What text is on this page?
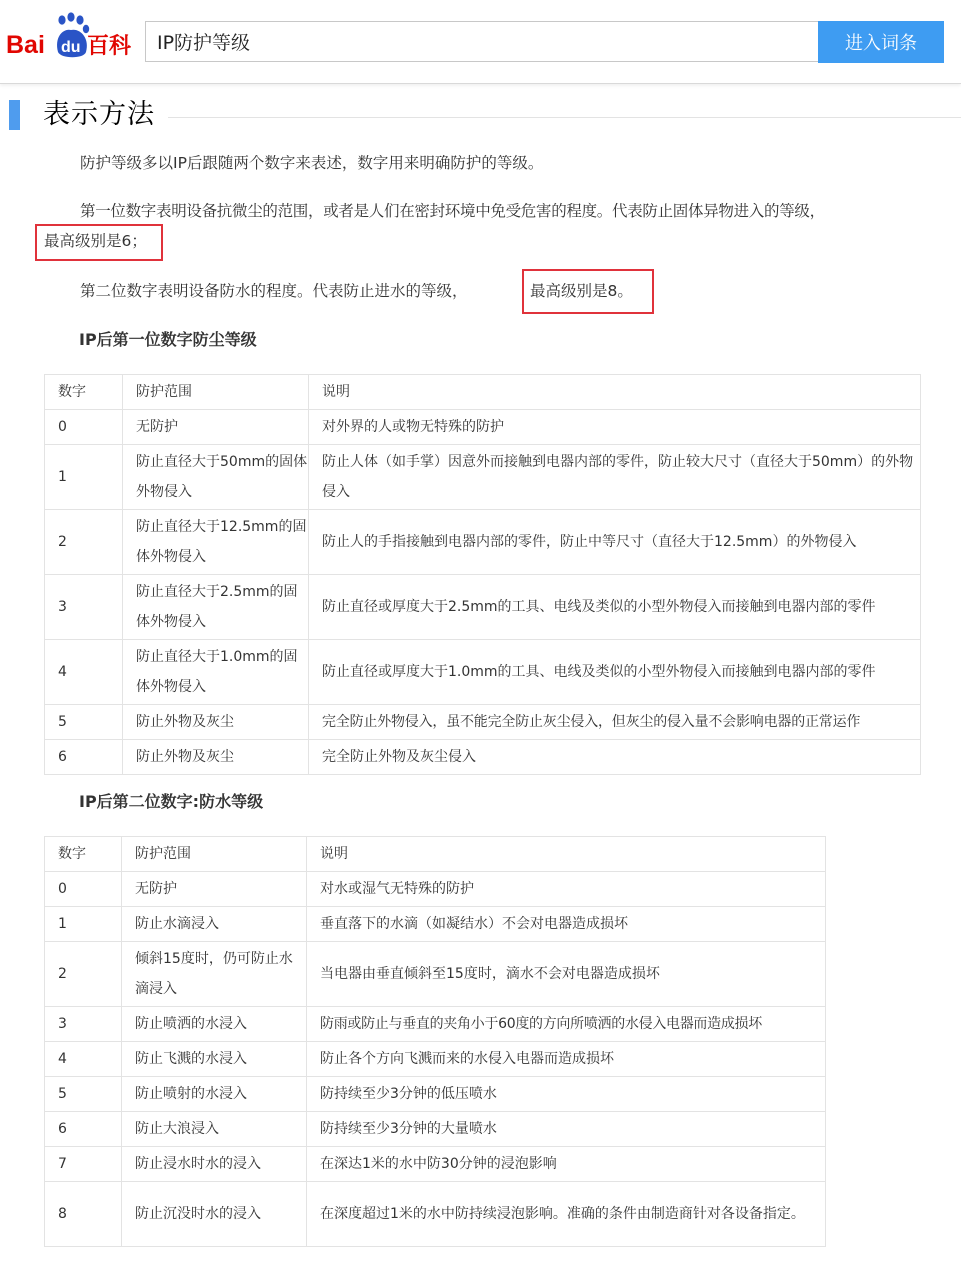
Bai du 百科
IP防护等级	进入词条
表示方法
防护等级多以IP后跟随两个数字来表述，数字用来明确防护的等级。
第一位数字表明设备抗微尘的范围，或者是人们在密封环境中免受危害的程度。代表防止固体异物进入的等级，
最高级别是6；
第二位数字表明设备防水的程度。代表防止进水的等级，	最高级别是8。
IP后第一位数字防尘等级
数字	防护范围	说明
0	无防护	对外界的人或物无特殊的防护
1	防止直径大于50mm的固体外物侵入	防止人体（如手掌）因意外而接触到电器内部的零件，防止较大尺寸（直径大于50mm）的外物侵入
2	防止直径大于12.5mm的固体外物侵入	防止人的手指接触到电器内部的零件，防止中等尺寸（直径大于12.5mm）的外物侵入
3	防止直径大于2.5mm的固体外物侵入	防止直径或厚度大于2.5mm的工具、电线及类似的小型外物侵入而接触到电器内部的零件
4	防止直径大于1.0mm的固体外物侵入	防止直径或厚度大于1.0mm的工具、电线及类似的小型外物侵入而接触到电器内部的零件
5	防止外物及灰尘	完全防止外物侵入，虽不能完全防止灰尘侵入，但灰尘的侵入量不会影响电器的正常运作
6	防止外物及灰尘	完全防止外物及灰尘侵入
IP后第二位数字:防水等级
数字	防护范围	说明
0	无防护	对水或湿气无特殊的防护
1	防止水滴浸入	垂直落下的水滴（如凝结水）不会对电器造成损坏
2	倾斜15度时，仍可防止水滴浸入	当电器由垂直倾斜至15度时，滴水不会对电器造成损坏
3	防止喷洒的水浸入	防雨或防止与垂直的夹角小于60度的方向所喷洒的水侵入电器而造成损坏
4	防止飞溅的水浸入	防止各个方向飞溅而来的水侵入电器而造成损坏
5	防止喷射的水浸入	防持续至少3分钟的低压喷水
6	防止大浪浸入	防持续至少3分钟的大量喷水
7	防止浸水时水的浸入	在深达1米的水中防30分钟的浸泡影响
8	防止沉没时水的浸入	在深度超过1米的水中防持续浸泡影响。准确的条件由制造商针对各设备指定。
